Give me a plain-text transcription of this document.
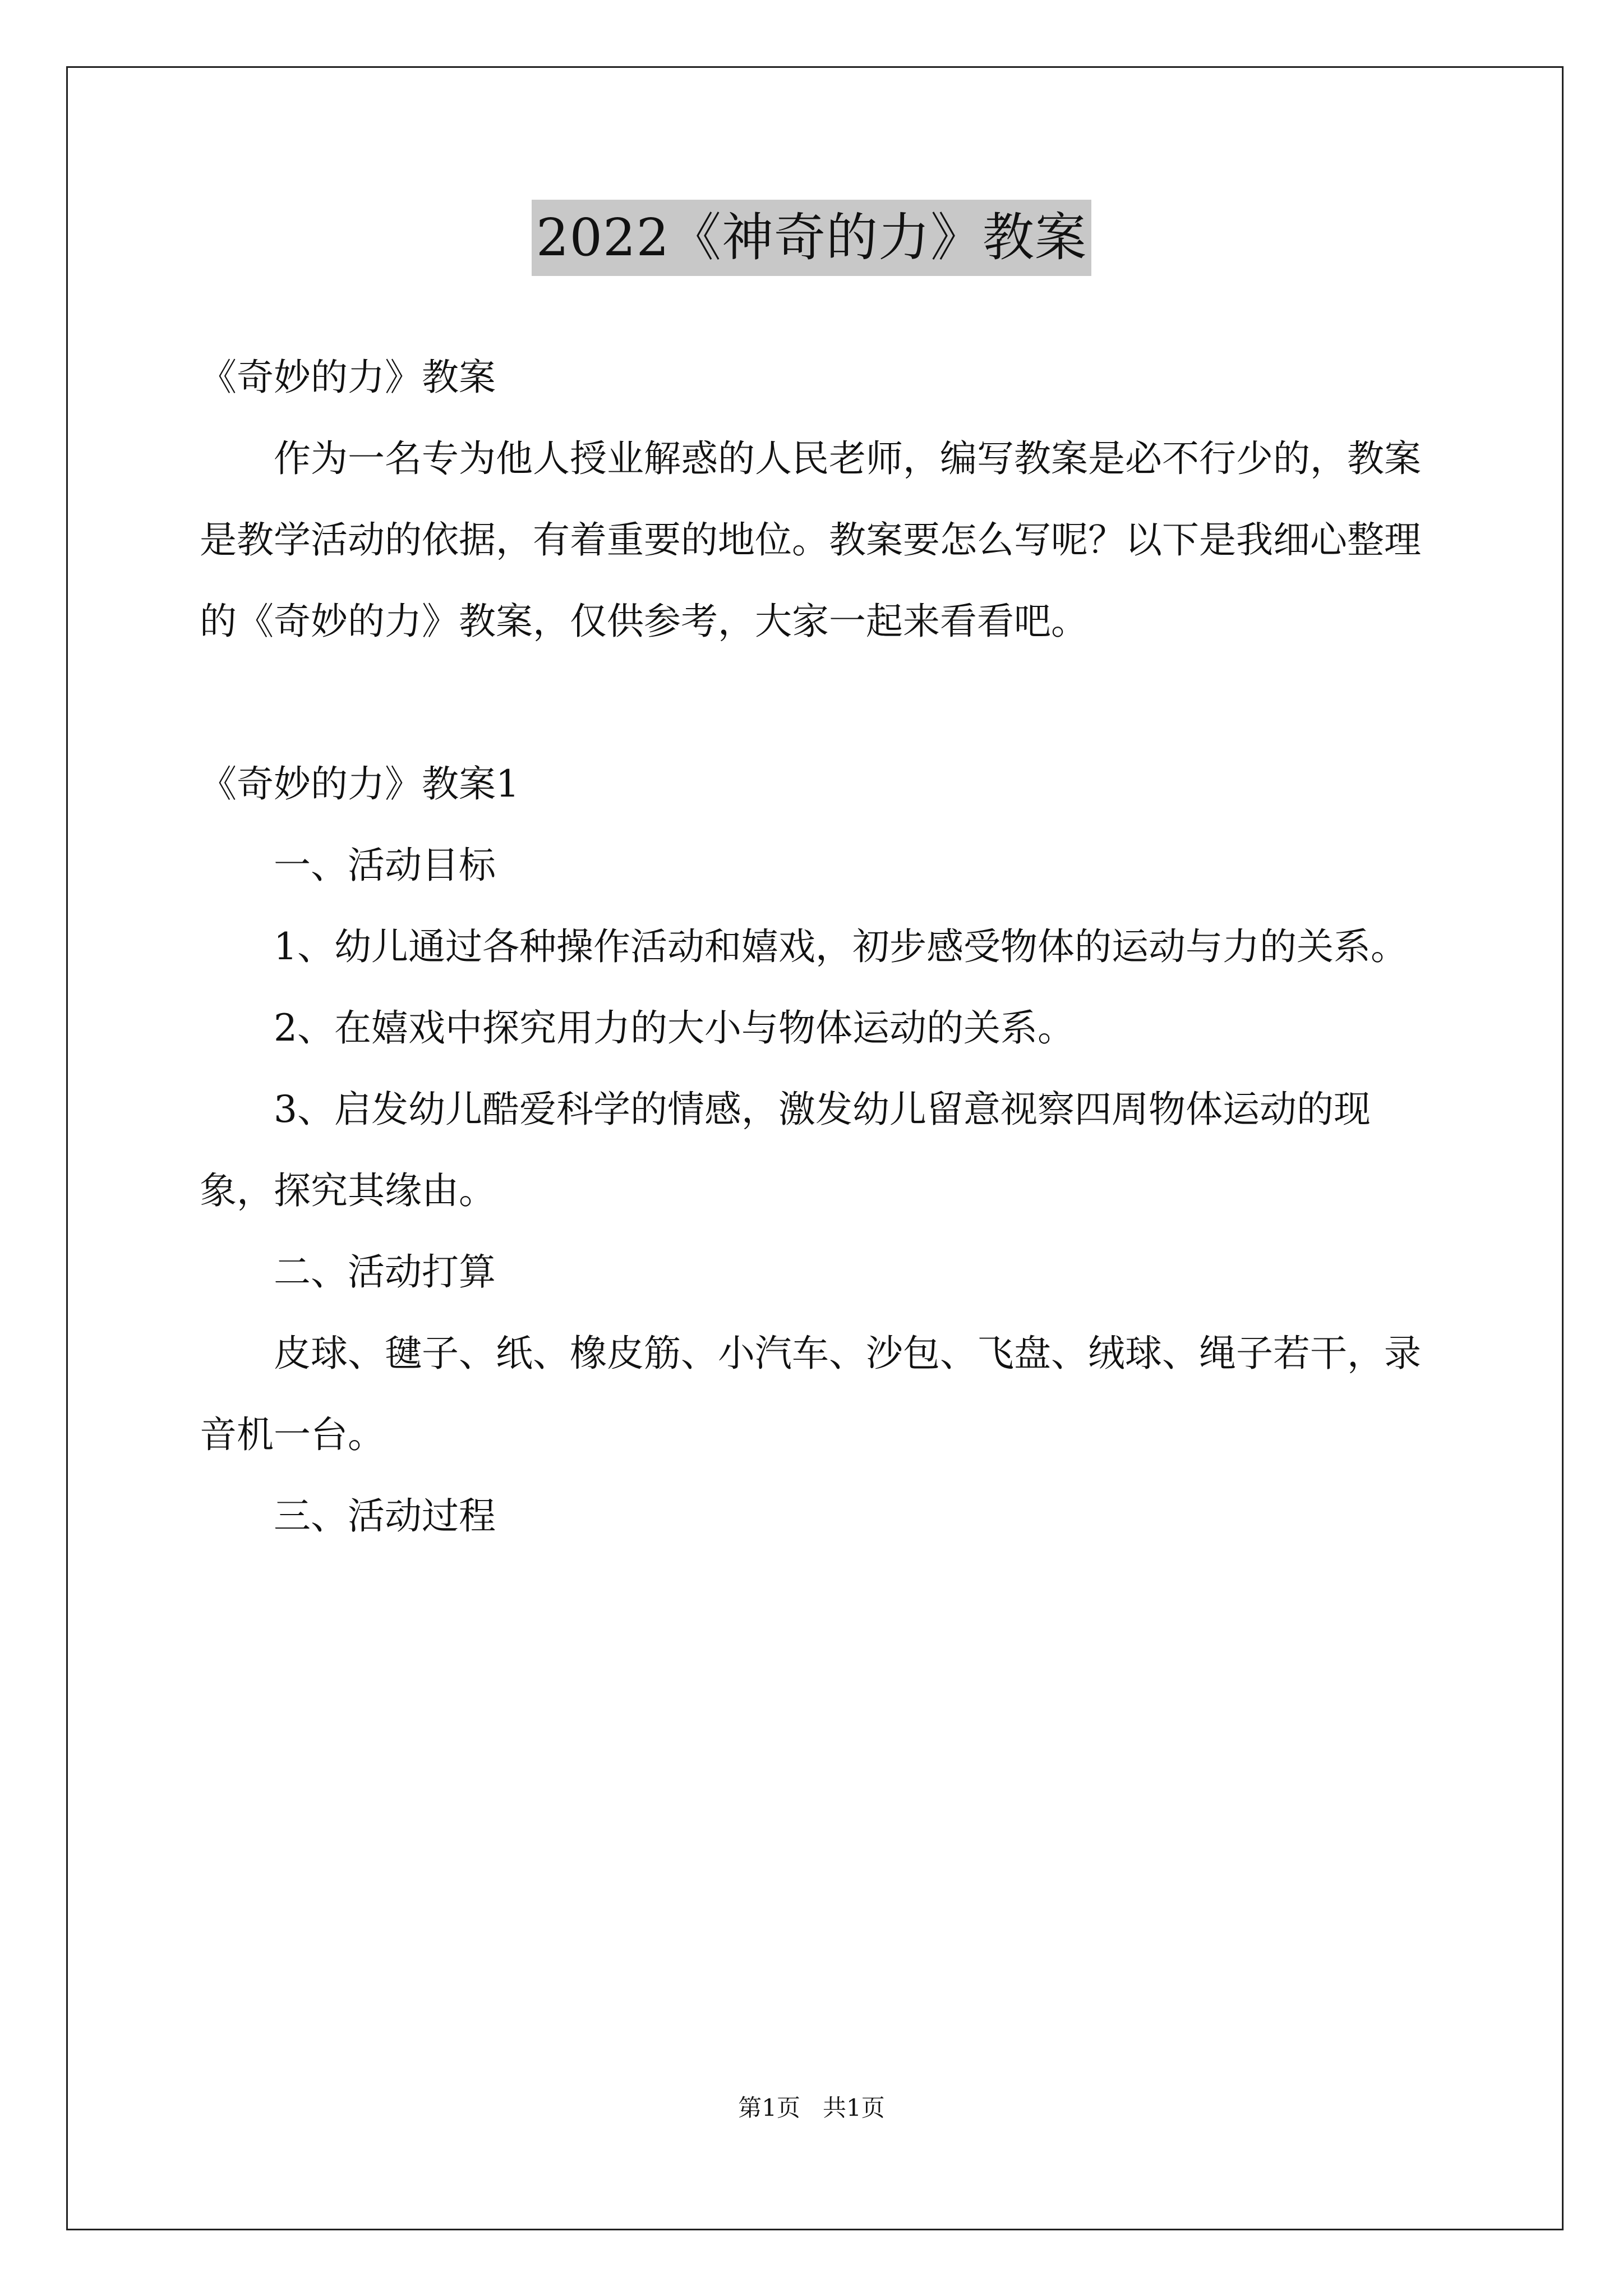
2022《神奇的力》教案

《奇妙的力》教案

作为一名专为他人授业解惑的人民老师，编写教案是必不行少的，教案是教学活动的依据，有着重要的地位。教案要怎么写呢？以下是我细心整理的《奇妙的力》教案，仅供参考，大家一起来看看吧。

《奇妙的力》教案1

一、活动目标

1、幼儿通过各种操作活动和嬉戏，初步感受物体的运动与力的关系。

2、在嬉戏中探究用力的大小与物体运动的关系。

3、启发幼儿酷爱科学的情感，激发幼儿留意视察四周物体运动的现象，探究其缘由。

二、活动打算

皮球、毽子、纸、橡皮筋、小汽车、沙包、飞盘、绒球、绳子若干，录音机一台。

三、活动过程

第1页 共1页
